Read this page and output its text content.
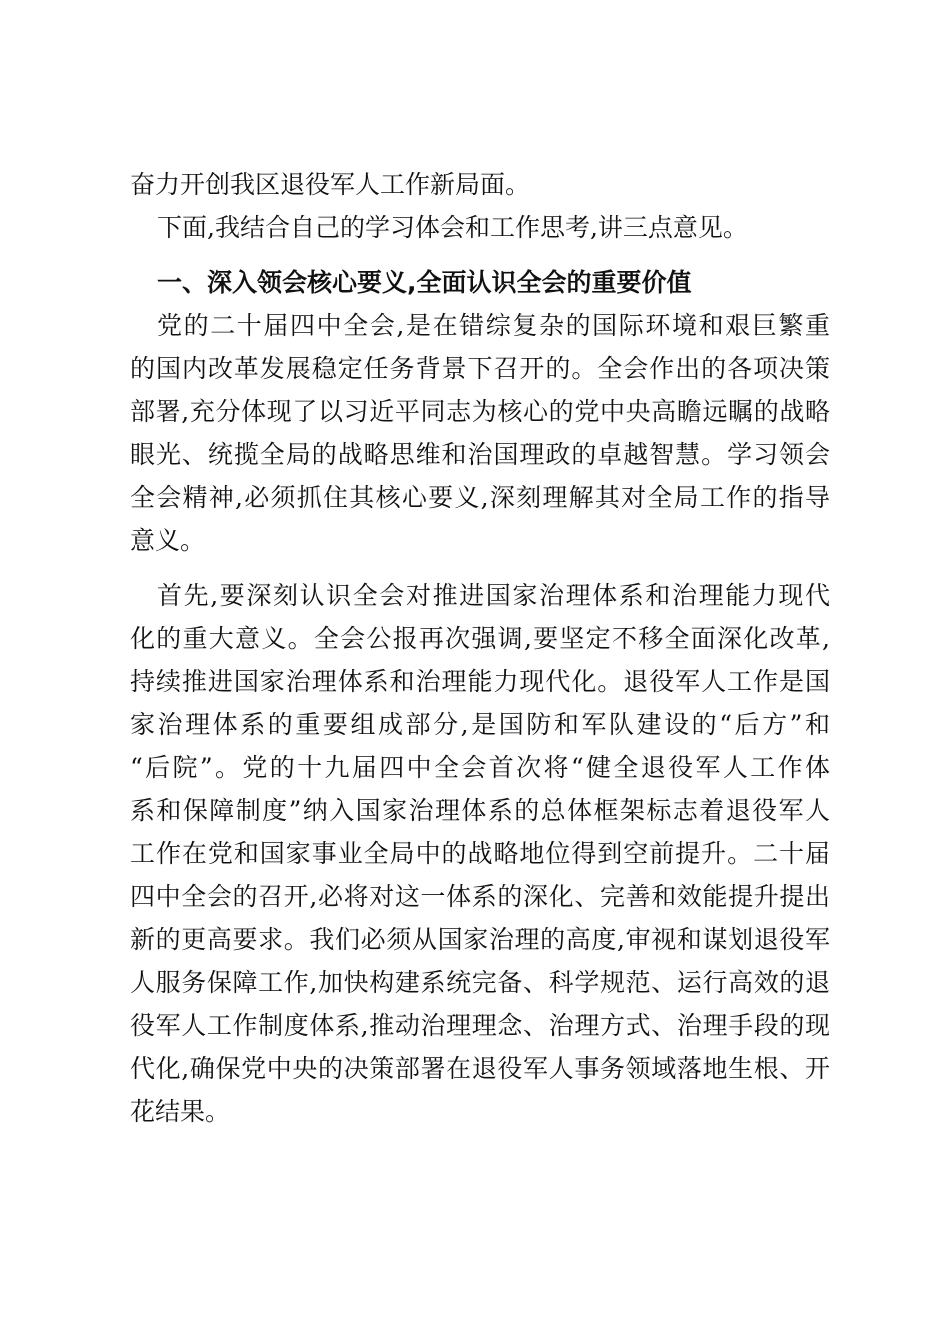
奋力开创我区退役军人工作新局面。
下面,我结合自己的学习体会和工作思考,讲三点意见。
一、深入领会核心要义,全面认识全会的重要价值
党的二十届四中全会,是在错综复杂的国际环境和艰巨繁重
的国内改革发展稳定任务背景下召开的。全会作出的各项决策
部署,充分体现了以习近平同志为核心的党中央高瞻远瞩的战略
眼光、统揽全局的战略思维和治国理政的卓越智慧。学习领会
全会精神,必须抓住其核心要义,深刻理解其对全局工作的指导
意义。
首先,要深刻认识全会对推进国家治理体系和治理能力现代
化的重大意义。全会公报再次强调,要坚定不移全面深化改革,
持续推进国家治理体系和治理能力现代化。退役军人工作是国
家治理体系的重要组成部分,是国防和军队建设的“后方”和
“后院”。党的十九届四中全会首次将“健全退役军人工作体
系和保障制度”纳入国家治理体系的总体框架标志着退役军人
工作在党和国家事业全局中的战略地位得到空前提升。二十届
四中全会的召开,必将对这一体系的深化、完善和效能提升提出
新的更高要求。我们必须从国家治理的高度,审视和谋划退役军
人服务保障工作,加快构建系统完备、科学规范、运行高效的退
役军人工作制度体系,推动治理理念、治理方式、治理手段的现
代化,确保党中央的决策部署在退役军人事务领域落地生根、开
花结果。
